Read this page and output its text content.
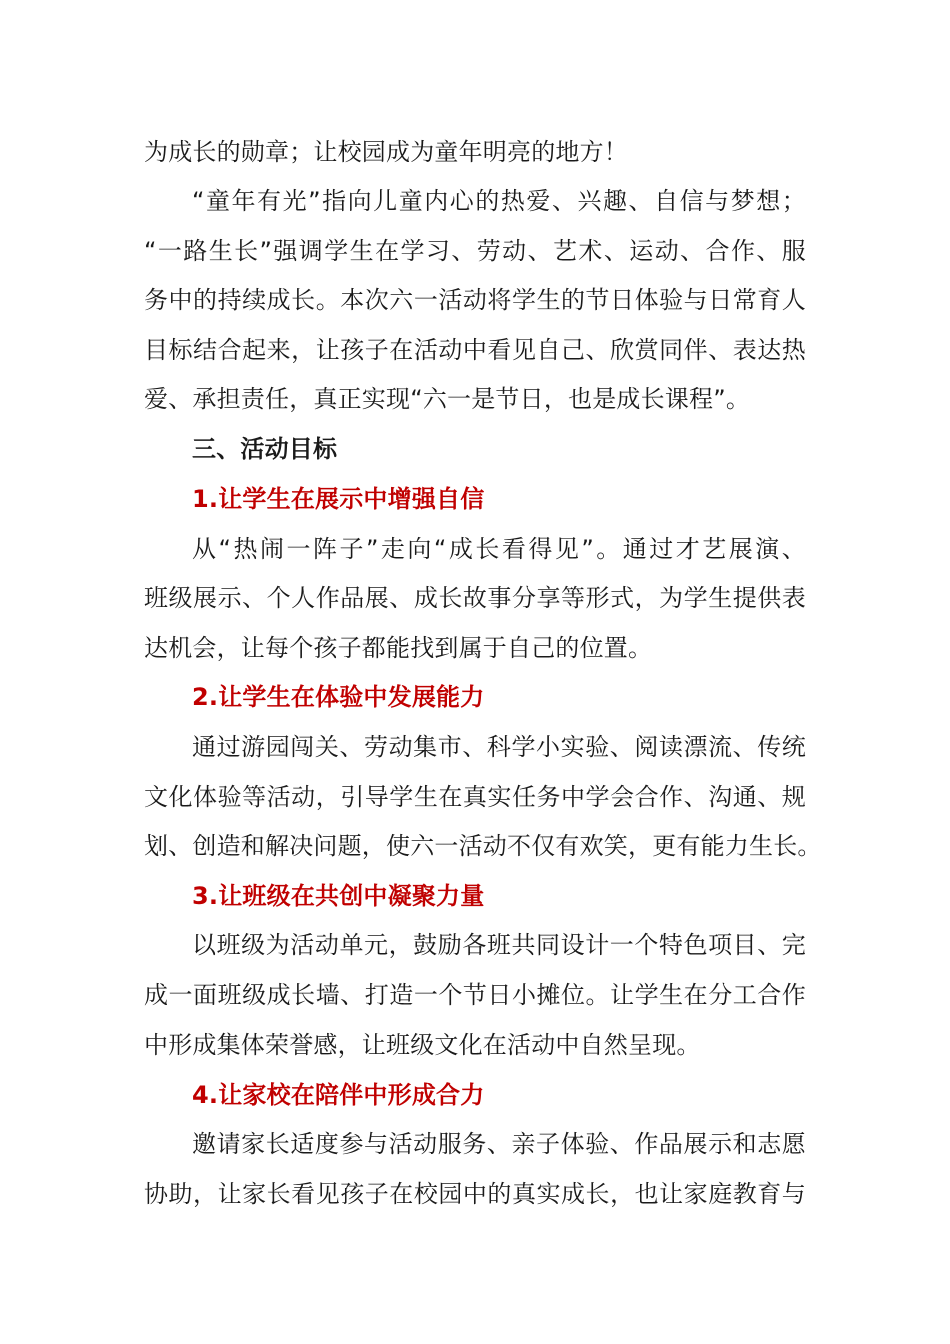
为成长的勋章；让校园成为童年明亮的地方！
“童年有光”指向儿童内心的热爱、兴趣、自信与梦想；
“一路生长”强调学生在学习、劳动、艺术、运动、合作、服
务中的持续成长。本次六一活动将学生的节日体验与日常育人
目标结合起来，让孩子在活动中看见自己、欣赏同伴、表达热
爱、承担责任，真正实现“六一是节日，也是成长课程”。
三、活动目标
1.让学生在展示中增强自信
从“热闹一阵子”走向“成长看得见”。通过才艺展演、
班级展示、个人作品展、成长故事分享等形式，为学生提供表
达机会，让每个孩子都能找到属于自己的位置。
2.让学生在体验中发展能力
通过游园闯关、劳动集市、科学小实验、阅读漂流、传统
文化体验等活动，引导学生在真实任务中学会合作、沟通、规
划、创造和解决问题，使六一活动不仅有欢笑，更有能力生长。
3.让班级在共创中凝聚力量
以班级为活动单元，鼓励各班共同设计一个特色项目、完
成一面班级成长墙、打造一个节日小摊位。让学生在分工合作
中形成集体荣誉感，让班级文化在活动中自然呈现。
4.让家校在陪伴中形成合力
邀请家长适度参与活动服务、亲子体验、作品展示和志愿
协助，让家长看见孩子在校园中的真实成长，也让家庭教育与
